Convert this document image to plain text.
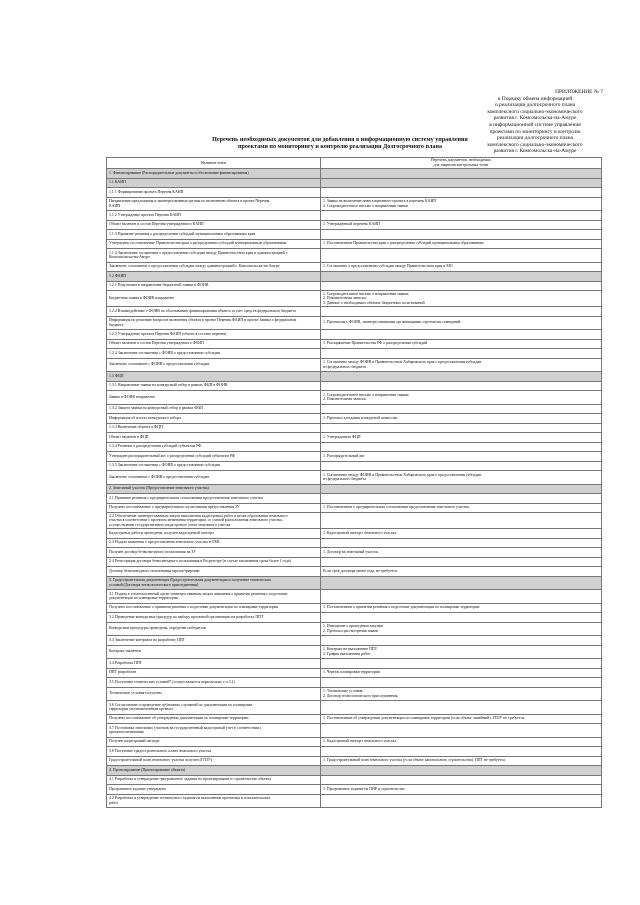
ПРИЛОЖЕНИЕ № 7
к Порядку обмена информацией
о реализации долгосрочного плана
комплексного социально-экономического
развития г. Комсомольска-на-Амуре
в информационной системе управления
проектами по мониторингу и контролю
реализации долгосрочного плана
комплексного социально-экономического
развития г. Комсомольска-на-Амуре
Перечень необходимых документов для добавления в информационную систему управления
проектами по мониторингу и контролю реализации Долгосрочного плана
Название этапа	Перечень документов, необходимых
для закрытия контрольных точек

1. Финансирование (Распорядительные документы и обоснование финансирования)	

1.1 КАИП	

1.1.1 Формирование проекта Перечня КАИП	

Направление предложения в заинтересованные органы по включению объекта в проект Перечня
КАИП	1. Заявка на включение инвестиционного проекта в перечень КАИП
2. Сопроводительное письмо о направлении заявки

1.1.2 Утверждение проекта Перечня КАИП	

Объект включен в состав Перечня утвержденного КАИП	1. Утвержденный перечень КАИП

1.1.3 Принятие решения о распределении субсидий муниципальным образованиям края	

Утверждено постановление Правительства края о распределении субсидий муниципальным образованиям	1. Постановление Правительства края о распределении субсидий муниципальным образованиям

1.1.4 Заключение соглашения о предоставлении субсидии между Правительством края и администрацией г.
Комсомольска-на-Амуре	

Заключено соглашение о предоставлении субсидии между администрацией г. Комсомольска-на-Амуре	1. Соглашение о предоставлении субсидии между Правительством края и МО

1.2 ФАИП	

1.2.1 Подготовка и направление бюджетной заявки в ФОИВ	

Бюджетная заявка в ФОИВ направлена	1. Сопроводительное письмо о направлении заявки;
2. Пояснительная записка;
3. Данные о необходимых объемах бюджетных ассигнований

1.2.2 Взаимодействие с ФОИВ по обоснованию финансирования объекта за счет средств федерального бюджета	

Информация по решению вопросов включения объекта в проект Перечня ФАИП и проект Заявки о федеральном
бюджете	1. Протоколы с ФОИВ, заинтересованными организациями, протоколы совещаний.

1.2.3 Утверждение проекта Перечня ФАИП (объект в составе перечня)	

Объект включен в состав Перечня утвержденного ФАИП	1. Распоряжение Правительства РФ о распределении субсидий

1.2.4 Заключение соглашения с ФОИВ о предоставлении субсидии	

Заключено соглашение с ФОИВ о предоставлении субсидии	1. Соглашение между ФОИВ и Правительством Хабаровского края о предоставлении субсидии
из федерального бюджета

1.3 ФЦП	

1.3.1 Направление заявки на конкурсный отбор в рамках ФЦП в ФОИВ	

Заявка в ФОИВ направлена	1. Сопроводительное письмо о направлении заявки;
2. Пояснительная записка.

1.3.2 Защита заявки на конкурсный отбор в рамках ФЦП	

Информация об итогах конкурсного отбора	1. Протокол заседания конкурсной комиссии.

1.3.3 Включение объекта в ФЦП	

Объект включен в ФЦП	1. Утвержденная ФЦП

1.3.4 Решение о распределении субсидий субъектам РФ	

Утвержден распорядительный акт о распределении субсидий субъектам РФ	1. Распорядительный акт

1.3.5 Заключение соглашения с ФОИВ о предоставлении субсидии	

Заключено соглашение с ФОИВ о предоставлении субсидии	1. Соглашение между ФОИВ и Правительством Хабаровского края о предоставлении субсидии
из федерального бюджета

2. Земельный участок (Предоставление земельного участка)	

2.1 Принятие решения о предварительном согласовании предоставления земельного участка	

Получено постановление о предварительном согласовании предоставления ЗУ	1. Постановление о предварительном согласовании предоставления земельного участка.

2.2 Обеспечение заинтересованным лицом выполнения кадастровых работ в целях образования земельного
участка в соответствии с проектом межевания территории, со схемой расположения земельного участка,
осуществление государственного кадастрового учета земельного участка	

Кадастровые работы проведены, получен кадастровый паспорт	1. Кадастровый паспорт земельного участка.

2.3 Подача заявления о предоставлении земельного участка в ОМС	

Получен договор безвозмездного пользования на ЗУ	1. Договор на земельный участок.

2.4 Регистрация договора безвозмездного пользования в Росреестре (в случае заключения срока более 1 года)	

Договор безвозмездного пользования зарегистрирован	Если срок договора менее года, не требуется.

3. Градостроительная документация (Градостроительная документация и получение технических
условий (Договора технологического присоединения)	

3.1 Подача в уполномоченный орган заинтересованным лицом заявления о принятии решения о подготовке
документации по планировке территории	

Получено постановление о принятии решения о подготовке документации по планировке территории	1. Постановление о принятии решения о подготовке документации по планировке территории.

3.2 Проведение конкурсных процедур по выбору проектной организации на разработку ППТ	

Конкурсные процедуры проведены, определен победитель	1. Извещение о проведении закупки
2. Протокол рассмотрения заявок

3.3 Заключение контракта на разработку ППТ	

Контракт заключен	1. Контракт на выполнение ППТ
2. График выполнения работ

3.4 Разработка ППТ	

ППТ разработан	1. Чертеж планировки территории

3.5 Получение технических условий* (осуществляется параллельно с п.3.2)	

Технические условия получены	1. Технические условия;
2. Договор технологического присоединения.

3.6 Согласование и проведение публичных слушаний по документации по планировке
территории уполномоченным органом	

Получено постановление об утверждении документации по планировке территории	1. Постановление об утверждении документации по планировке территории (если объект линейный). ГПЗУ не требуется.

3.7 Постановка земельных участков на государственный кадастровый учет в соответствии с
проектом межевания	

Получен кадастровый паспорт	1. Кадастровый паспорт земельного участка.

3.8 Получение градостроительного плана земельного участка	

Градостроительный план земельного участка получен (ГПЗУ)	1. Градостроительный план земельного участка (если объект капитального строительства). ППТ не требуется

4. Проектирование (Проектирование объекта)	

4.1 Разработка и утверждение программного задания на проектирование и строительство объекта	

Программное задание утверждено	1. Программное задание на ПИР и строительство

4.2 Разработка и утверждение технического задания на выполнение проектных и изыскательских
работ	
